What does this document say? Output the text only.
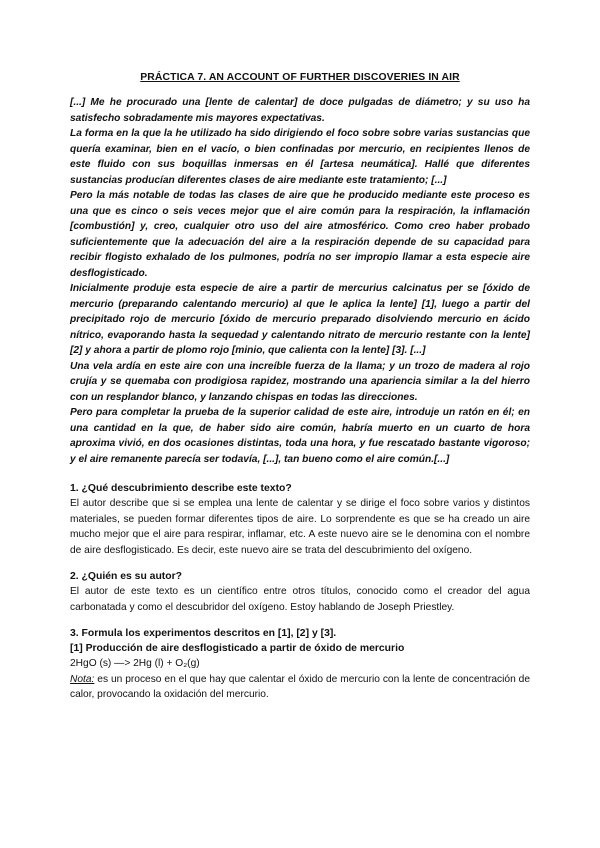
PRÁCTICA 7. AN ACCOUNT OF FURTHER DISCOVERIES IN AIR

[...] Me he procurado una [lente de calentar] de doce pulgadas de diámetro; y su uso ha satisfecho sobradamente mis mayores expectativas.

La forma en la que la he utilizado ha sido dirigiendo el foco sobre sobre varias sustancias que quería examinar, bien en el vacío, o bien confinadas por mercurio, en recipientes llenos de este fluido con sus boquillas inmersas en él [artesa neumática]. Hallé que diferentes sustancias producían diferentes clases de aire mediante este tratamiento; [...]

Pero la más notable de todas las clases de aire que he producido mediante este proceso es una que es cinco o seis veces mejor que el aire común para la respiración, la inflamación [combustión] y, creo, cualquier otro uso del aire atmosférico. Como creo haber probado suficientemente que la adecuación del aire a la respiración depende de su capacidad para recibir flogisto exhalado de los pulmones, podría no ser impropio llamar a esta especie aire desflogisticado.

Inicialmente produje esta especie de aire a partir de mercurius calcinatus per se [óxido de mercurio (preparando calentando mercurio) al que le aplica la lente] [1], luego a partir del precipitado rojo de mercurio [óxido de mercurio preparado disolviendo mercurio en ácido nítrico, evaporando hasta la sequedad y calentando nitrato de mercurio restante con la lente] [2] y ahora a partir de plomo rojo [minio, que calienta con la lente] [3]. [...]

Una vela ardía en este aire con una increíble fuerza de la llama; y un trozo de madera al rojo crujía y se quemaba con prodigiosa rapidez, mostrando una apariencia similar a la del hierro con un resplandor blanco, y lanzando chispas en todas las direcciones.

Pero para completar la prueba de la superior calidad de este aire, introduje un ratón en él; en una cantidad en la que, de haber sido aire común, habría muerto en un cuarto de hora aproxima vivió, en dos ocasiones distintas, toda una hora, y fue rescatado bastante vigoroso; y el aire remanente parecía ser todavía, [...], tan bueno como el aire común.[...]

1. ¿Qué descubrimiento describe este texto?

El autor describe que si se emplea una lente de calentar y se dirige el foco sobre varios y distintos materiales, se pueden formar diferentes tipos de aire. Lo sorprendente es que se ha creado un aire mucho mejor que el aire para respirar, inflamar, etc. A este nuevo aire se le denomina con el nombre de aire desflogisticado. Es decir, este nuevo aire se trata del descubrimiento del oxígeno.

2. ¿Quién es su autor?

El autor de este texto es un científico entre otros títulos, conocido como el creador del agua carbonatada y como el descubridor del oxígeno. Estoy hablando de Joseph Priestley.

3. Formula los experimentos descritos en [1], [2] y [3].

[1] Producción de aire desflogisticado a partir de óxido de mercurio

2HgO (s) —> 2Hg (l) + O₂(g)

Nota: es un proceso en el que hay que calentar el óxido de mercurio con la lente de concentración de calor, provocando la oxidación del mercurio.
